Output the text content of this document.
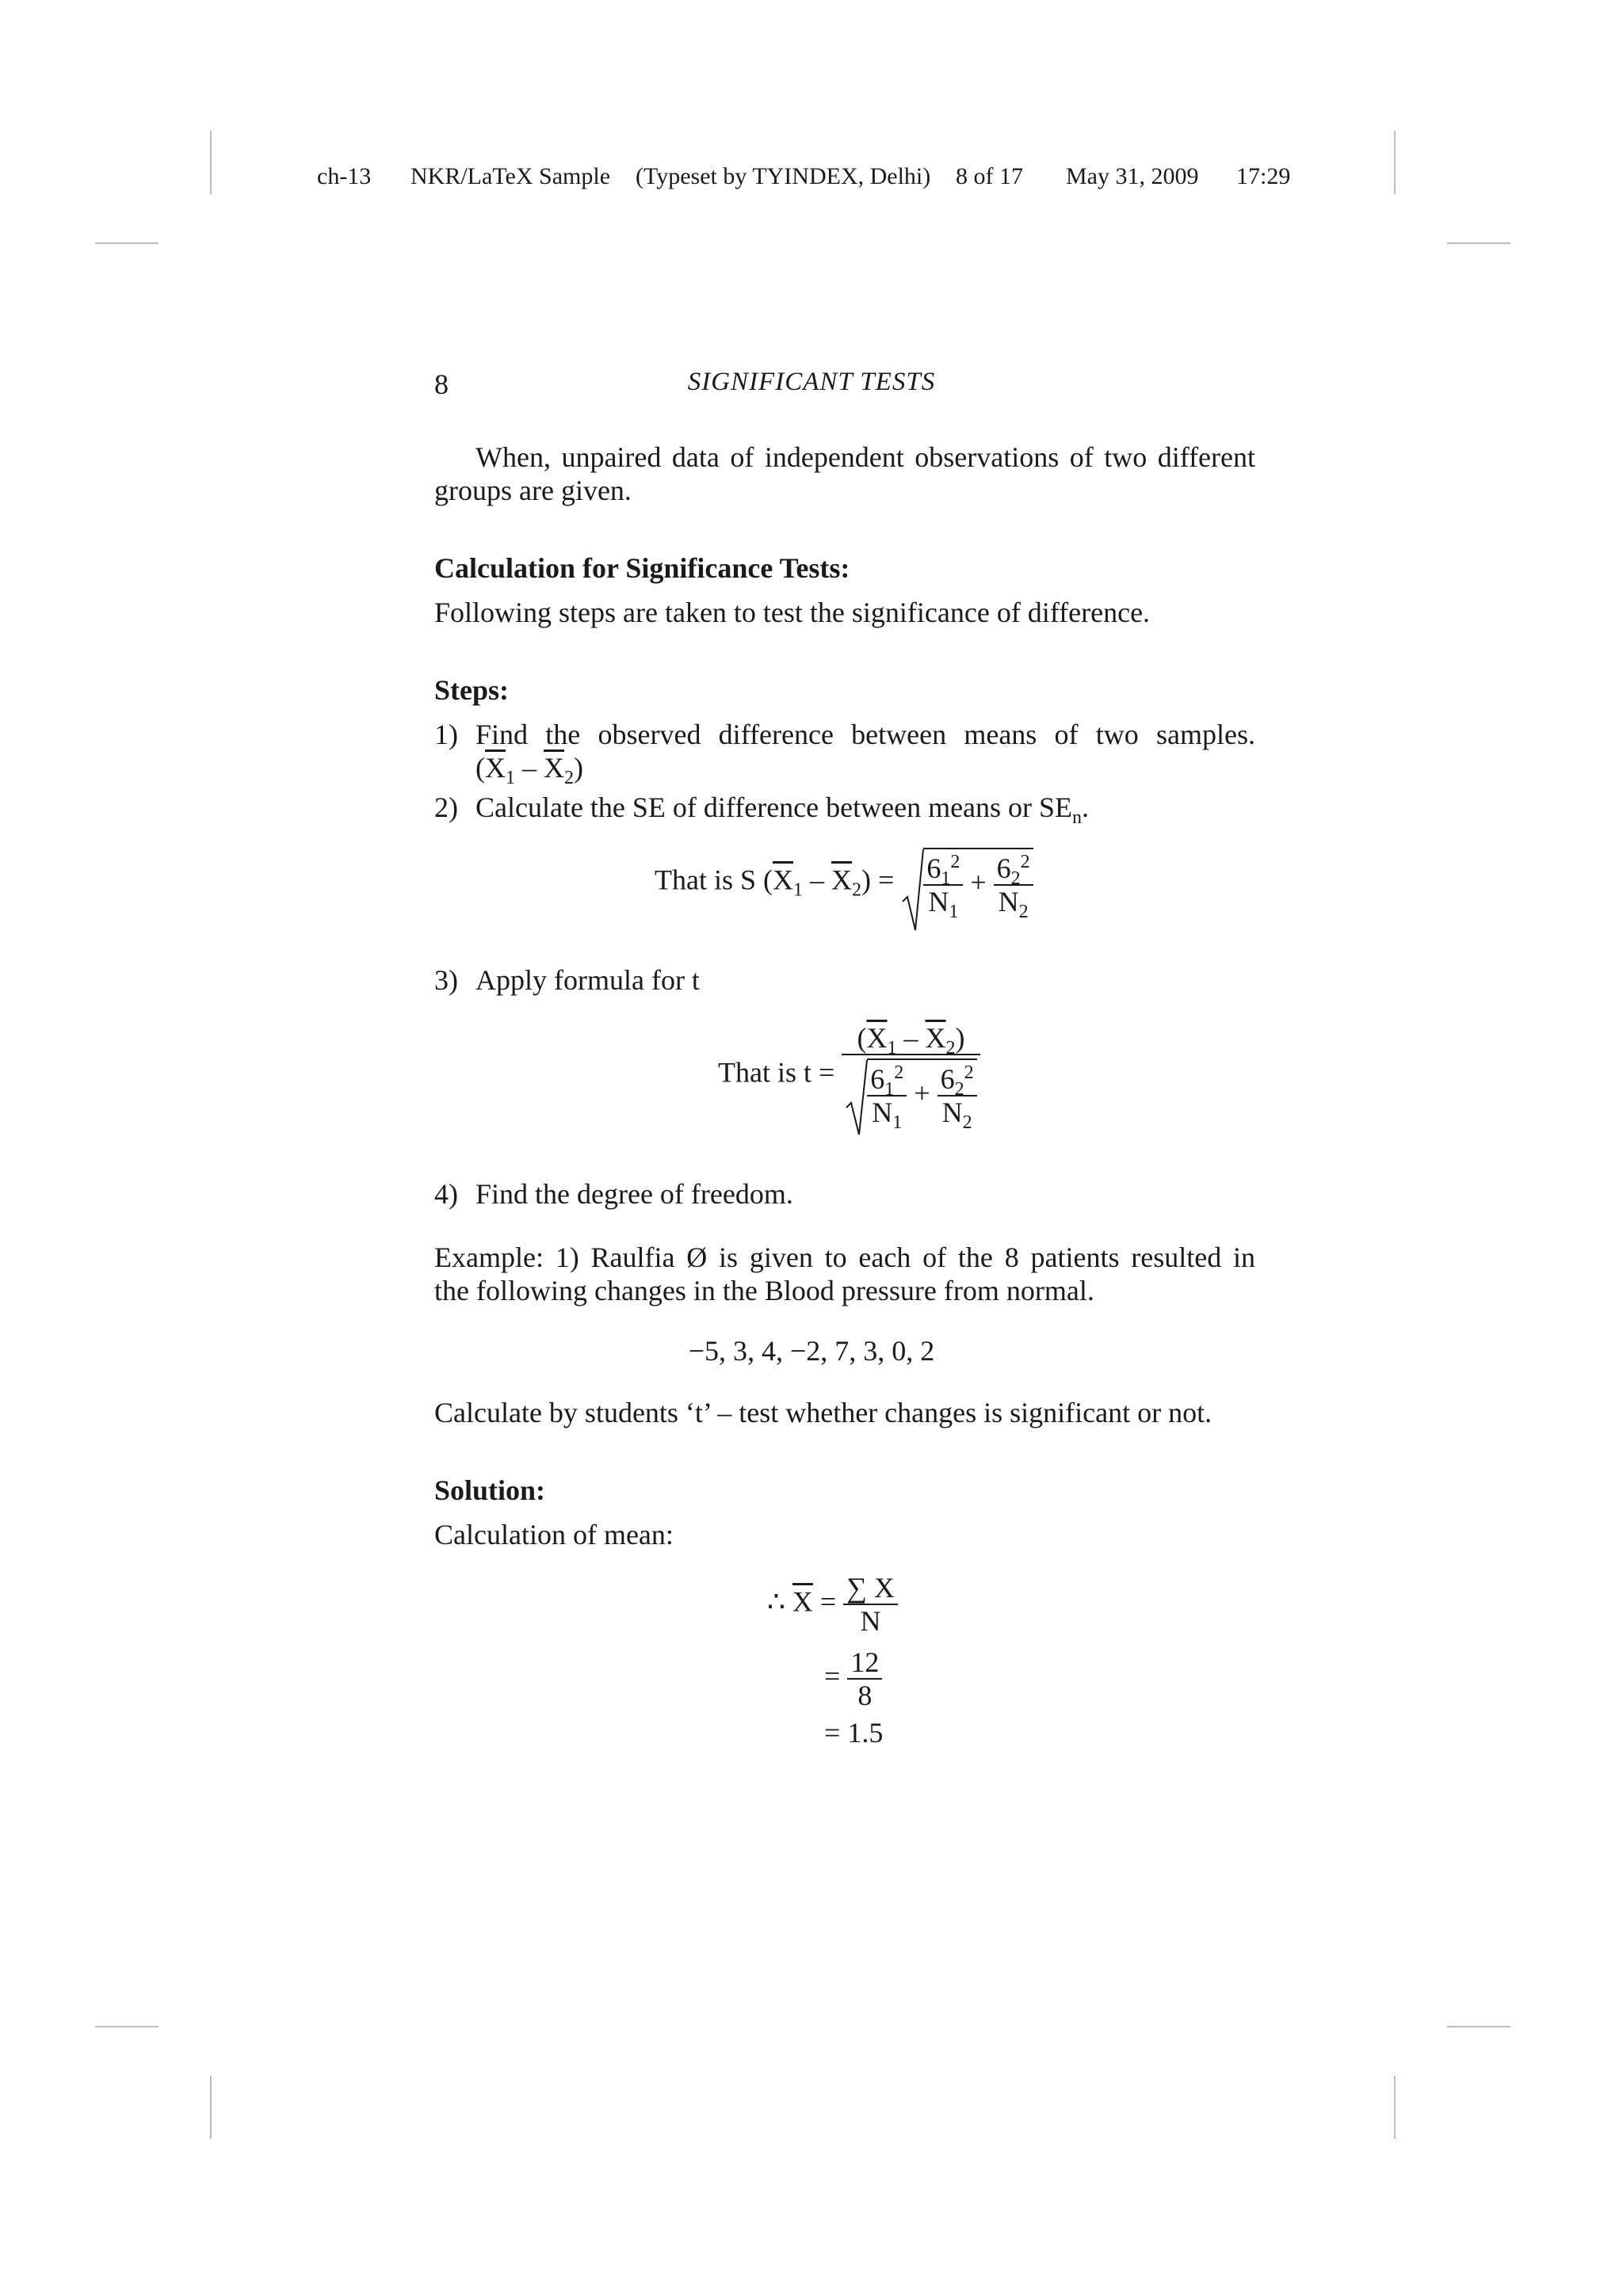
ch-13 NKR/LaTeX Sample (Typeset by TYINDEX, Delhi) 8 of 17 May 31, 2009 17:29
8	SIGNIFICANT TESTS

When, unpaired data of independent observations of two different

groups are given.

Calculation for Significance Tests:
Following steps are taken to test the significance of difference.
Steps:
1) Find the observed difference between means of two samples.

$(\overline{X}_1 - \overline{X}_2)$

2) Calculate the SE of difference between means or $SE_n$.
That is S $(\overline{X}_1 - \overline{X}_2) = \frac{6_1^2}{N_1} + \frac{6_2^2}{N_2}$
3) Apply formula for t
That is $t = \frac{(\overline{X}_1 - \overline{X}_2)}{\frac{6_1^2}{N_1} + \frac{6_2^2}{N_2}}$
4) Find the degree of freedom.

Example: 1) Raulfia Ø is given to each of the 8 patients resulted in

the following changes in the Blood pressure from normal.

−5, 3, 4, −2, 7, 3, 0, 2
Calculate by students ‘t’ – test whether changes is significant or not.
Solution:
Calculation of mean:
∴ $\overline{X} = \frac{\sum X}{N}$
= $\frac{12}{8}$
= 1.5
